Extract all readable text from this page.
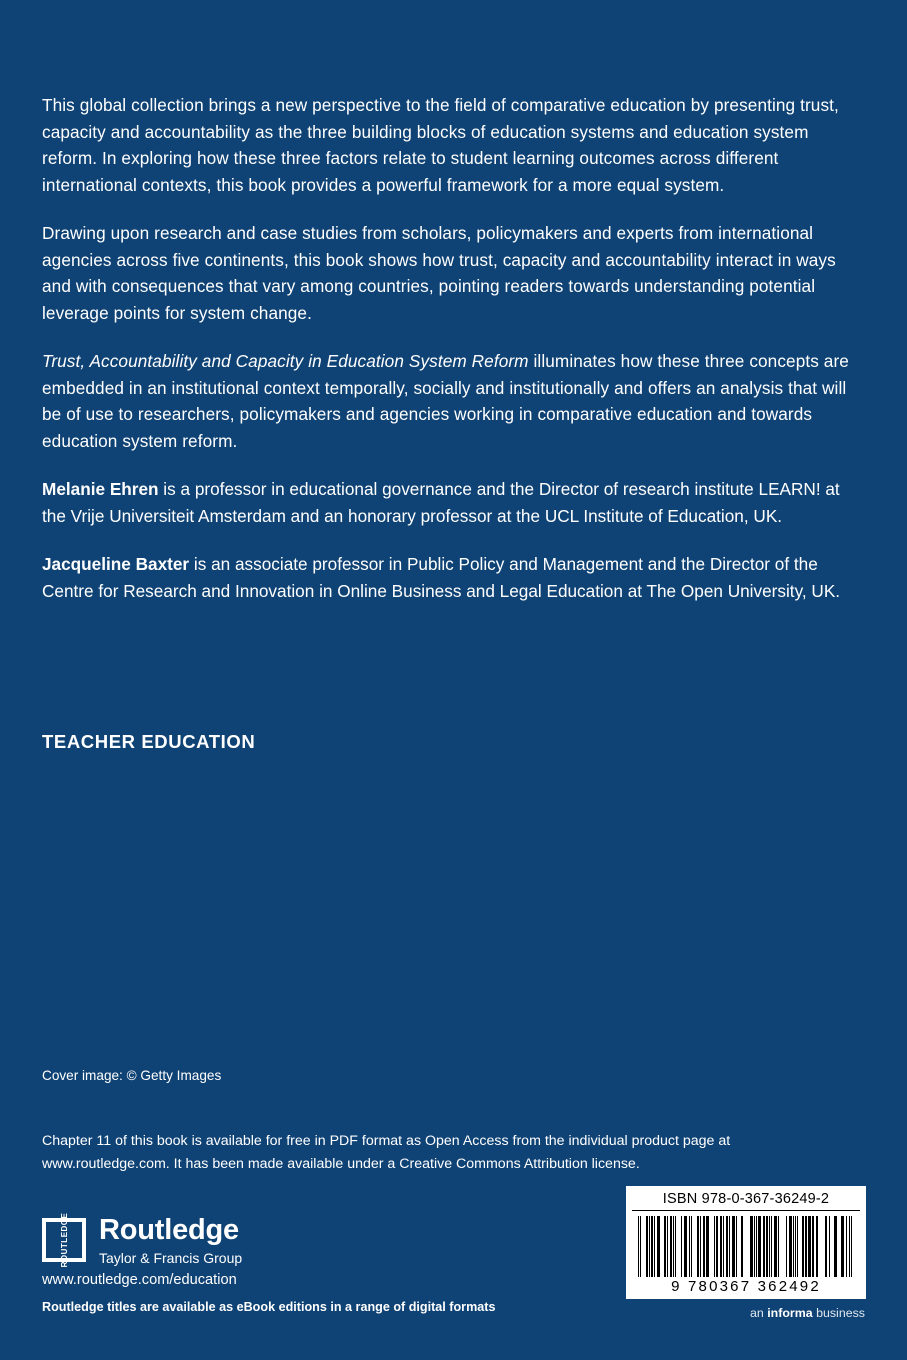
This global collection brings a new perspective to the field of comparative education by presenting trust, capacity and accountability as the three building blocks of education systems and education system reform. In exploring how these three factors relate to student learning outcomes across different international contexts, this book provides a powerful framework for a more equal system.

Drawing upon research and case studies from scholars, policymakers and experts from international agencies across five continents, this book shows how trust, capacity and accountability interact in ways and with consequences that vary among countries, pointing readers towards understanding potential leverage points for system change.

Trust, Accountability and Capacity in Education System Reform illuminates how these three concepts are embedded in an institutional context temporally, socially and institutionally and offers an analysis that will be of use to researchers, policymakers and agencies working in comparative education and towards education system reform.

Melanie Ehren is a professor in educational governance and the Director of research institute LEARN! at the Vrije Universiteit Amsterdam and an honorary professor at the UCL Institute of Education, UK.

Jacqueline Baxter is an associate professor in Public Policy and Management and the Director of the Centre for Research and Innovation in Online Business and Legal Education at The Open University, UK.

TEACHER EDUCATION
Cover image: © Getty Images
Chapter 11 of this book is available for free in PDF format as Open Access from the individual product page at www.routledge.com. It has been made available under a Creative Commons Attribution license.
ROUTLEDGE	Routledge
Taylor & Francis Group
www.routledge.com/education
Routledge titles are available as eBook editions in a range of digital formats
ISBN 978-0-367-36249-2
9 780367 362492
an informa business
